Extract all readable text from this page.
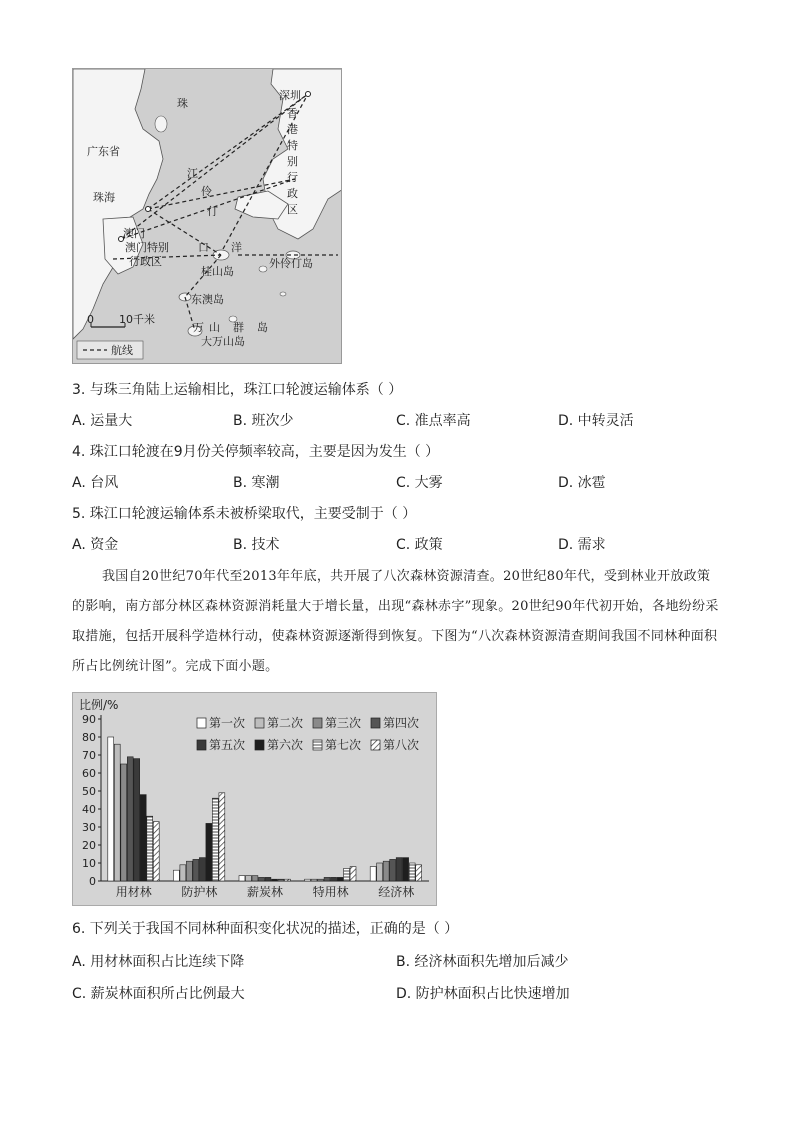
珠
江
伶
仃
口 洋
广东省
珠海
深圳
香
港
特
别
行
政
区
澳门
澳门特别
行政区
桂山岛
外伶仃岛
东澳岛
万 山 群 岛
大万山岛
0 10千米
航线
3. 与珠三角陆上运输相比，珠江口轮渡运输体系（ ）
A. 运量大	B. 班次少	C. 准点率高	D. 中转灵活
4. 珠江口轮渡在9月份关停频率较高，主要是因为发生（ ）
A. 台风	B. 寒潮	C. 大雾	D. 冰雹
5. 珠江口轮渡运输体系未被桥梁取代，主要受制于（ ）
A. 资金	B. 技术	C. 政策	D. 需求
我国自20世纪70年代至2013年年底，共开展了八次森林资源清查。20世纪80年代，受到林业开放政策的影响，南方部分林区森林资源消耗量大于增长量，出现“森林赤字”现象。20世纪90年代初开始，各地纷纷采取措施，包括开展科学造林行动，使森林资源逐渐得到恢复。下图为“八次森林资源清查期间我国不同林种面积所占比例统计图”。完成下面小题。
比例/%
0
10
20
30
40
50
60
70
80
90
用材林 防护林 薪炭林 特用林 经济林
第一次 第二次 第三次 第四次
第五次 第六次 第七次 第八次
6. 下列关于我国不同林种面积变化状况的描述，正确的是（ ）
A. 用材林面积占比连续下降	B. 经济林面积先增加后减少
C. 薪炭林面积所占比例最大	D. 防护林面积占比快速增加
